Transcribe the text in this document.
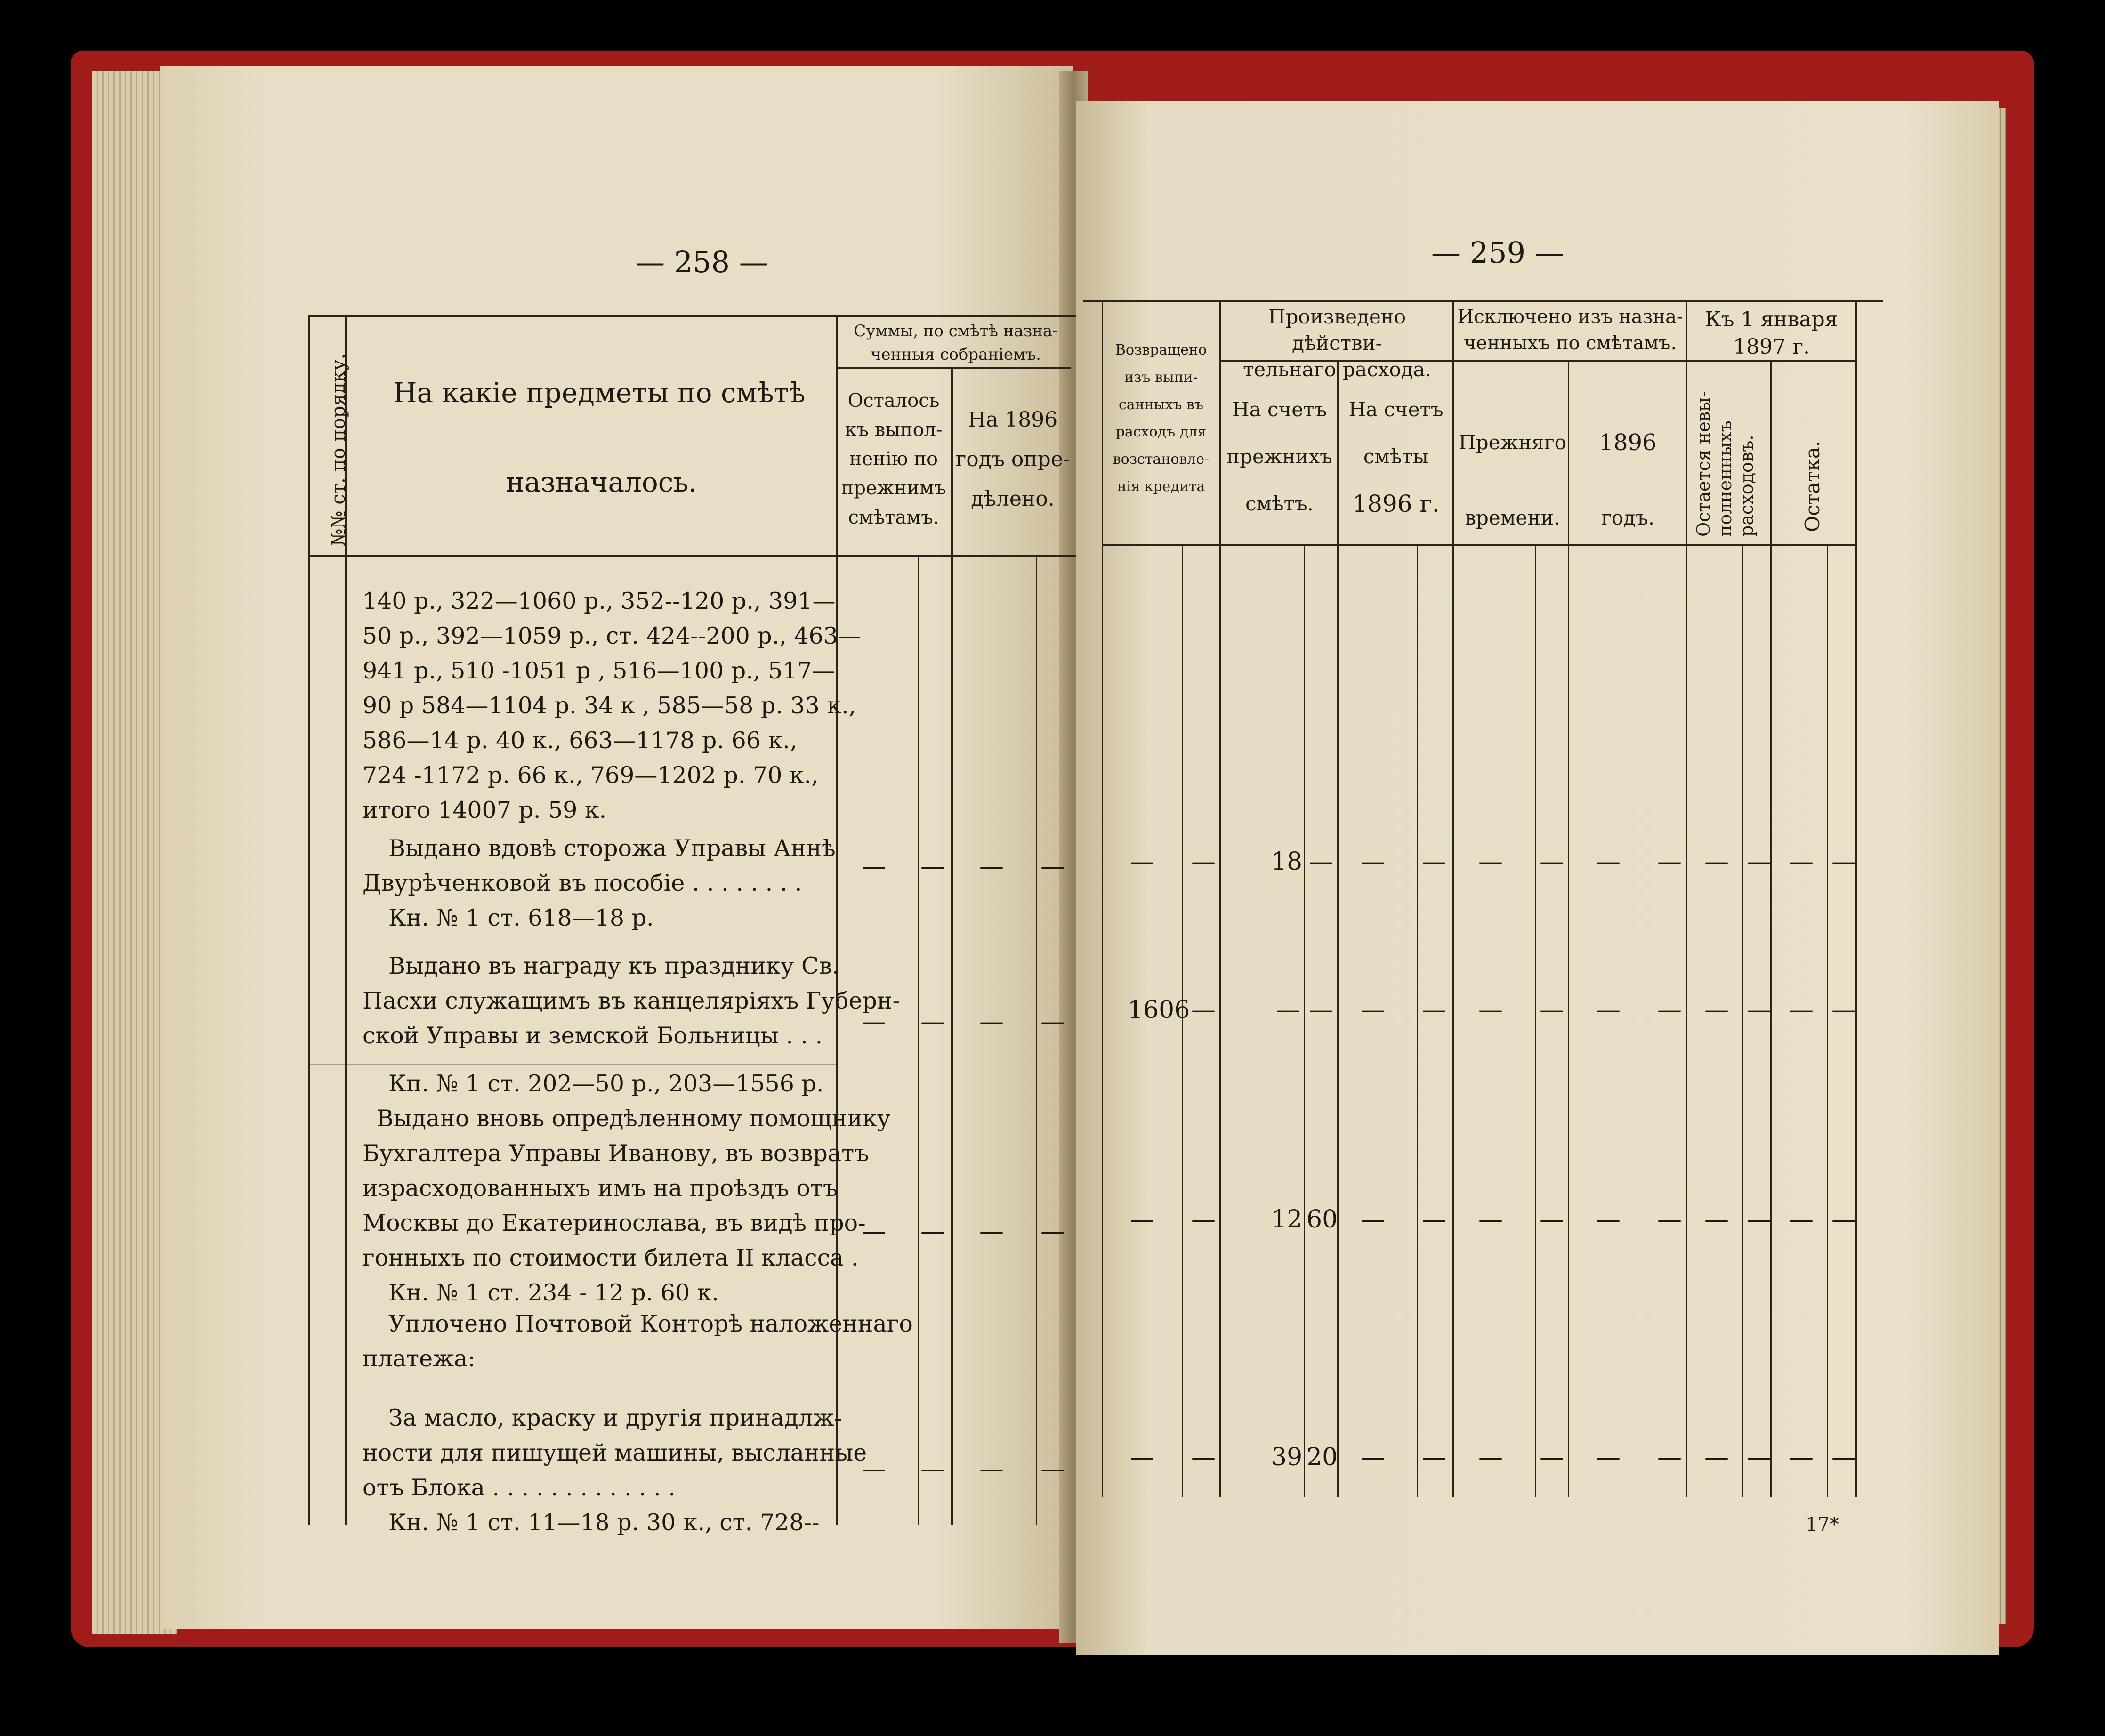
— 258 —
№№ ст. по порядку. На какіе предметы по смѣтѣ
назначалось.
Суммы, по смѣтѣ назна-
ченныя собраніемъ.
Осталось
къ выпол-
ненію по
прежнимъ
смѣтамъ.
На 1896
годъ опре-
дѣлено.
140 р., 322—1060 р., 352--120 р., 391—
50 р., 392—1059 р., ст. 424--200 р., 463—
941 р., 510 -1051 р , 516—100 р., 517—
90 р 584—1104 р. 34 к , 585—58 р. 33 к.,
586—14 р. 40 к., 663—1178 р. 66 к.,
724 -1172 р. 66 к., 769—1202 р. 70 к.,
итого 14007 р. 59 к.
Выдано вдовѣ сторожа Управы Аннѣ
Двурѣченковой въ пособіе . . . . . . . .
Кн. № 1 ст. 618—18 р.
Выдано въ награду къ празднику Св.
Пасхи служащимъ въ канцеляріяхъ Губерн-
ской Управы и земской Больницы . . .
Кп. № 1 ст. 202—50 р., 203—1556 р.
Выдано вновь опредѣленному помощнику
Бухгалтера Управы Иванову, въ возвратъ
израсходованныхъ имъ на проѣздъ отъ
Москвы до Екатеринослава, въ видѣ про-
гонныхъ по стоимости билета II класса .
Кн. № 1 ст. 234 - 12 р. 60 к.
Уплочено Почтовой Конторѣ наложеннаго
платежа:
За масло, краску и другія принадлж-
ности для пишущей машины, высланные
отъ Блока . . . . . . . . . . . . .
Кн. № 1 ст. 11—18 р. 30 к., ст. 728--
— — — —
— — — —
— — — —
— — — —
— 259 —
Возвращено
изъ выпи-
санныхъ въ
расходъ для
возстановле-
нія кредита
Произведено дѣйстви-
тельнаго расхода.
На счетъ
прежнихъ
смѣтъ.
На счетъ
смѣты
1896 г.
Исключено изъ назна-
ченныхъ по смѣтамъ.
Прежняго
времени.
1896
годъ.
Къ 1 января
1897 г.
Остается невы-полненныхъ расходовъ. Остатка.
— — 18 — — — — — — — — — — —
1606 — — — — — — — — — — — — —
— — 12 60 — — — — — — — — — —
— — 39 20 — — — — — — — — — —
17*
